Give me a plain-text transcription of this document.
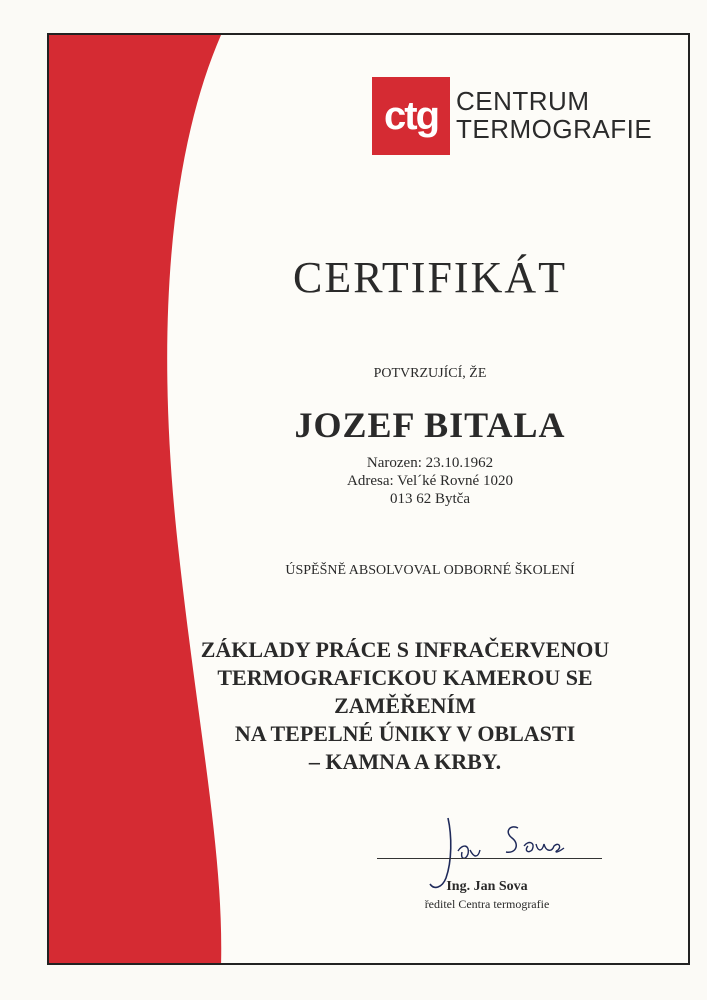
ctg CENTRUM
TERMOGRAFIE
CERTIFIKÁT
POTVRZUJÍCÍ, ŽE
JOZEF BITALA
Narozen: 23.10.1962
Adresa: Vel´ké Rovné 1020
013 62 Bytča
ÚSPĚŠNĚ ABSOLVOVAL ODBORNÉ ŠKOLENÍ
ZÁKLADY PRÁCE S INFRAČERVENOU
TERMOGRAFICKOU KAMEROU SE ZAMĚŘENÍM
NA TEPELNÉ ÚNIKY V OBLASTI
– KAMNA A KRBY.
Ing. Jan Sova
ředitel Centra termografie
